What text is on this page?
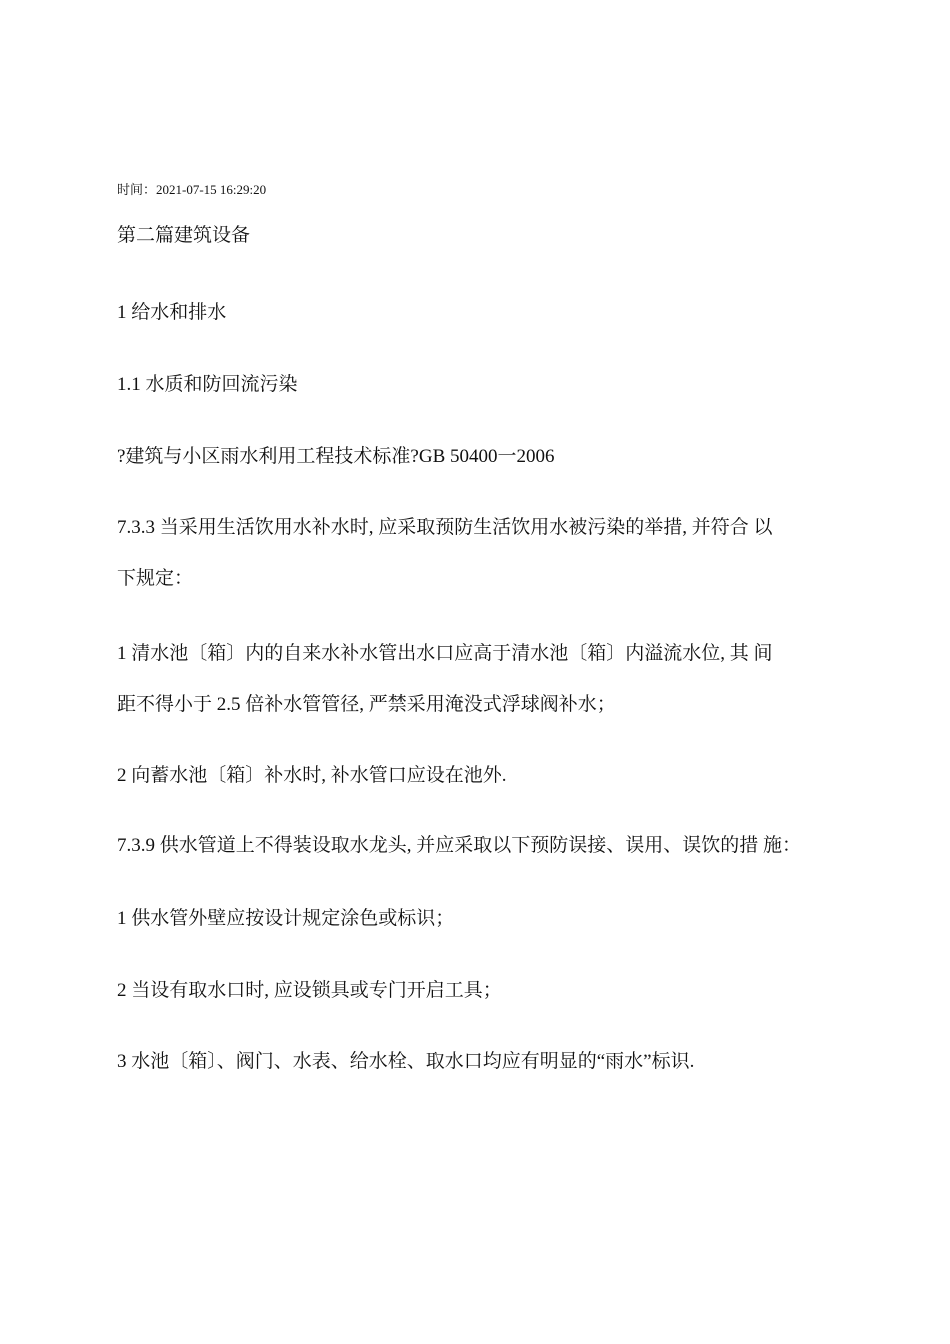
时间：2021-07-15 16:29:20
第二篇建筑设备
1 给水和排水
1.1 水质和防回流污染
?建筑与小区雨水利用工程技术标准?GB 50400一2006
7.3.3 当采用生活饮用水补水时, 应采取预防生活饮用水被污染的举措, 并符合 以
下规定：
1 清水池〔箱〕内的自来水补水管出水口应高于清水池〔箱〕内溢流水位, 其 间
距不得小于 2.5 倍补水管管径, 严禁采用淹没式浮球阀补水；
2 向蓄水池〔箱〕补水时, 补水管口应设在池外.
7.3.9 供水管道上不得装设取水龙头, 并应采取以下预防误接、误用、误饮的措 施：
1 供水管外壁应按设计规定涂色或标识；
2 当设有取水口时, 应设锁具或专门开启工具；
3 水池〔箱〕、阀门、水表、给水栓、取水口均应有明显的“雨水”标识.
